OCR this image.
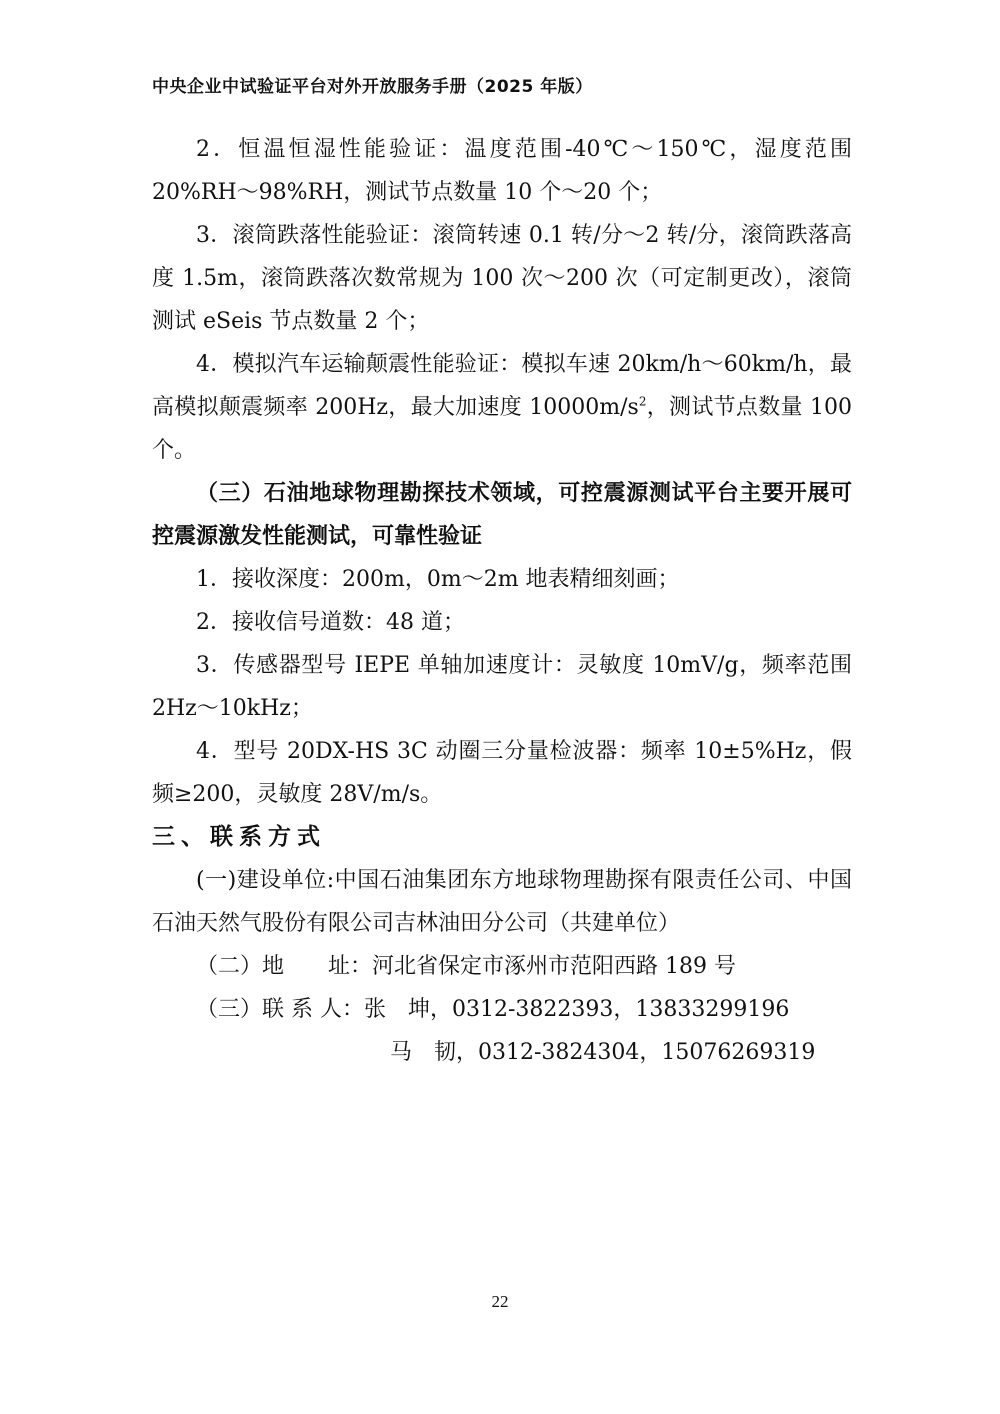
中央企业中试验证平台对外开放服务手册（2025 年版）

2．恒温恒湿性能验证：温度范围-40℃～150℃，湿度范围20%RH～98%RH，测试节点数量 10 个～20 个；

3．滚筒跌落性能验证：滚筒转速 0.1 转/分～2 转/分，滚筒跌落高度 1.5m，滚筒跌落次数常规为 100 次～200 次（可定制更改），滚筒测试 eSeis 节点数量 2 个；

4．模拟汽车运输颠震性能验证：模拟车速 20km/h～60km/h，最高模拟颠震频率 200Hz，最大加速度 $10000m/s^2$，测试节点数量 100 个。

（三）石油地球物理勘探技术领域，可控震源测试平台主要开展可控震源激发性能测试，可靠性验证

1．接收深度：200m，0m～2m 地表精细刻画；

2．接收信号道数：48 道；

3．传感器型号 IEPE 单轴加速度计：灵敏度 10mV/g，频率范围2Hz～10kHz；

4．型号 20DX-HS 3C 动圈三分量检波器：频率 10±5%Hz，假频≥200，灵敏度 28V/m/s。

三、联系方式

(一)建设单位:中国石油集团东方地球物理勘探有限责任公司、中国石油天然气股份有限公司吉林油田分公司（共建单位）

（二）地　　址：河北省保定市涿州市范阳西路 189 号

（三）联 系 人：张　坤，0312-3822393，13833299196

马　韧，0312-3824304，15076269319

22
